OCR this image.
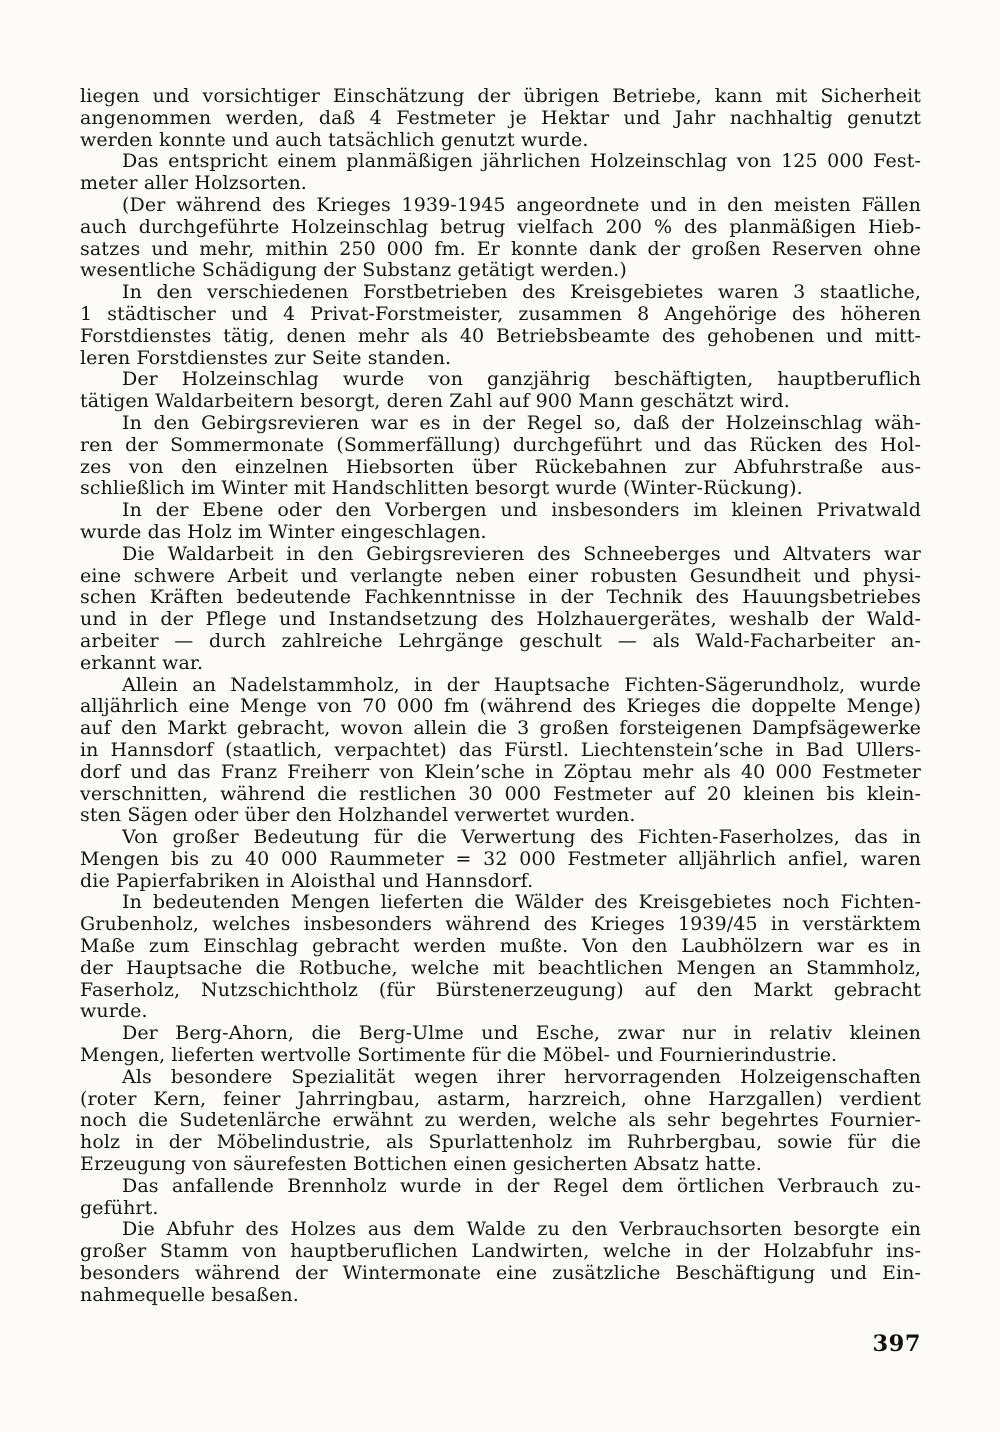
liegen und vorsichtiger Einschätzung der übrigen Betriebe, kann mit Sicherheit
angenommen werden, daß 4 Festmeter je Hektar und Jahr nachhaltig genutzt
werden konnte und auch tatsächlich genutzt wurde.
Das entspricht einem planmäßigen jährlichen Holzeinschlag von 125 000 Fest-
meter aller Holzsorten.
(Der während des Krieges 1939-1945 angeordnete und in den meisten Fällen
auch durchgeführte Holzeinschlag betrug vielfach 200 % des planmäßigen Hieb-
satzes und mehr, mithin 250 000 fm. Er konnte dank der großen Reserven ohne
wesentliche Schädigung der Substanz getätigt werden.)
In den verschiedenen Forstbetrieben des Kreisgebietes waren 3 staatliche,
1 städtischer und 4 Privat-Forstmeister, zusammen 8 Angehörige des höheren
Forstdienstes tätig, denen mehr als 40 Betriebsbeamte des gehobenen und mitt-
leren Forstdienstes zur Seite standen.
Der Holzeinschlag wurde von ganzjährig beschäftigten, hauptberuflich
tätigen Waldarbeitern besorgt, deren Zahl auf 900 Mann geschätzt wird.
In den Gebirgsrevieren war es in der Regel so, daß der Holzeinschlag wäh-
ren der Sommermonate (Sommerfällung) durchgeführt und das Rücken des Hol-
zes von den einzelnen Hiebsorten über Rückebahnen zur Abfuhrstraße aus-
schließlich im Winter mit Handschlitten besorgt wurde (Winter-Rückung).
In der Ebene oder den Vorbergen und insbesonders im kleinen Privatwald
wurde das Holz im Winter eingeschlagen.
Die Waldarbeit in den Gebirgsrevieren des Schneeberges und Altvaters war
eine schwere Arbeit und verlangte neben einer robusten Gesundheit und physi-
schen Kräften bedeutende Fachkenntnisse in der Technik des Hauungsbetriebes
und in der Pflege und Instandsetzung des Holzhauergerätes, weshalb der Wald-
arbeiter — durch zahlreiche Lehrgänge geschult — als Wald-Facharbeiter an-
erkannt war.
Allein an Nadelstammholz, in der Hauptsache Fichten-Sägerundholz, wurde
alljährlich eine Menge von 70 000 fm (während des Krieges die doppelte Menge)
auf den Markt gebracht, wovon allein die 3 großen forsteigenen Dampfsägewerke
in Hannsdorf (staatlich, verpachtet) das Fürstl. Liechtenstein’sche in Bad Ullers-
dorf und das Franz Freiherr von Klein’sche in Zöptau mehr als 40 000 Festmeter
verschnitten, während die restlichen 30 000 Festmeter auf 20 kleinen bis klein-
sten Sägen oder über den Holzhandel verwertet wurden.
Von großer Bedeutung für die Verwertung des Fichten-Faserholzes, das in
Mengen bis zu 40 000 Raummeter = 32 000 Festmeter alljährlich anfiel, waren
die Papierfabriken in Aloisthal und Hannsdorf.
In bedeutenden Mengen lieferten die Wälder des Kreisgebietes noch Fichten-
Grubenholz, welches insbesonders während des Krieges 1939/45 in verstärktem
Maße zum Einschlag gebracht werden mußte. Von den Laubhölzern war es in
der Hauptsache die Rotbuche, welche mit beachtlichen Mengen an Stammholz,
Faserholz, Nutzschichtholz (für Bürstenerzeugung) auf den Markt gebracht
wurde.
Der Berg-Ahorn, die Berg-Ulme und Esche, zwar nur in relativ kleinen
Mengen, lieferten wertvolle Sortimente für die Möbel- und Fournierindustrie.
Als besondere Spezialität wegen ihrer hervorragenden Holzeigenschaften
(roter Kern, feiner Jahrringbau, astarm, harzreich, ohne Harzgallen) verdient
noch die Sudetenlärche erwähnt zu werden, welche als sehr begehrtes Fournier-
holz in der Möbelindustrie, als Spurlattenholz im Ruhrbergbau, sowie für die
Erzeugung von säurefesten Bottichen einen gesicherten Absatz hatte.
Das anfallende Brennholz wurde in der Regel dem örtlichen Verbrauch zu-
geführt.
Die Abfuhr des Holzes aus dem Walde zu den Verbrauchsorten besorgte ein
großer Stamm von hauptberuflichen Landwirten, welche in der Holzabfuhr ins-
besonders während der Wintermonate eine zusätzliche Beschäftigung und Ein-
nahmequelle besaßen.
397
